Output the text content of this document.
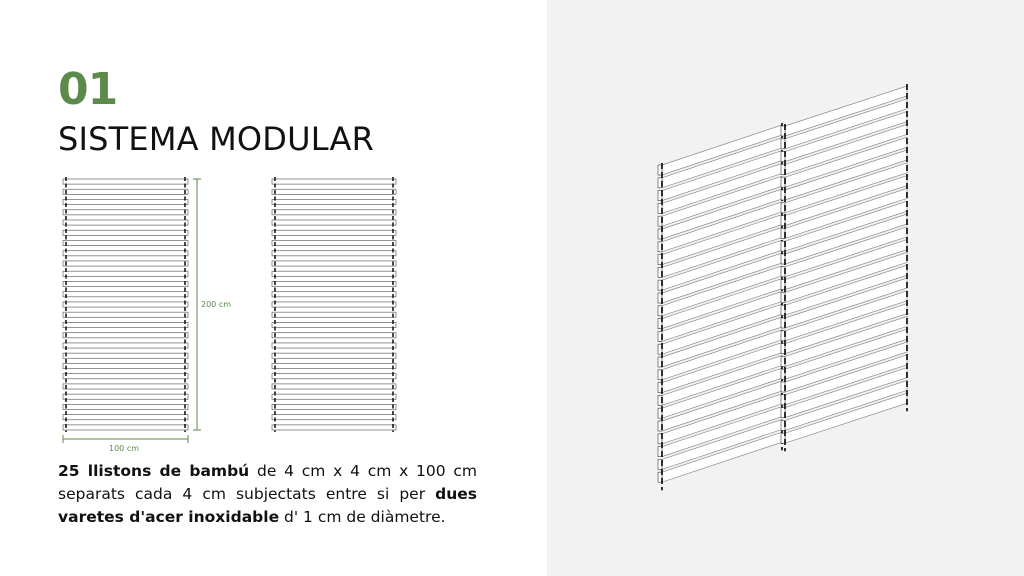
01
SISTEMA MODULAR
200 cm
100 cm
25 llistons de bambú de 4 cm x 4 cm x 100 cm separats cada 4 cm subjectats entre si per dues varetes d'acer inoxidable d' 1 cm de diàmetre.
